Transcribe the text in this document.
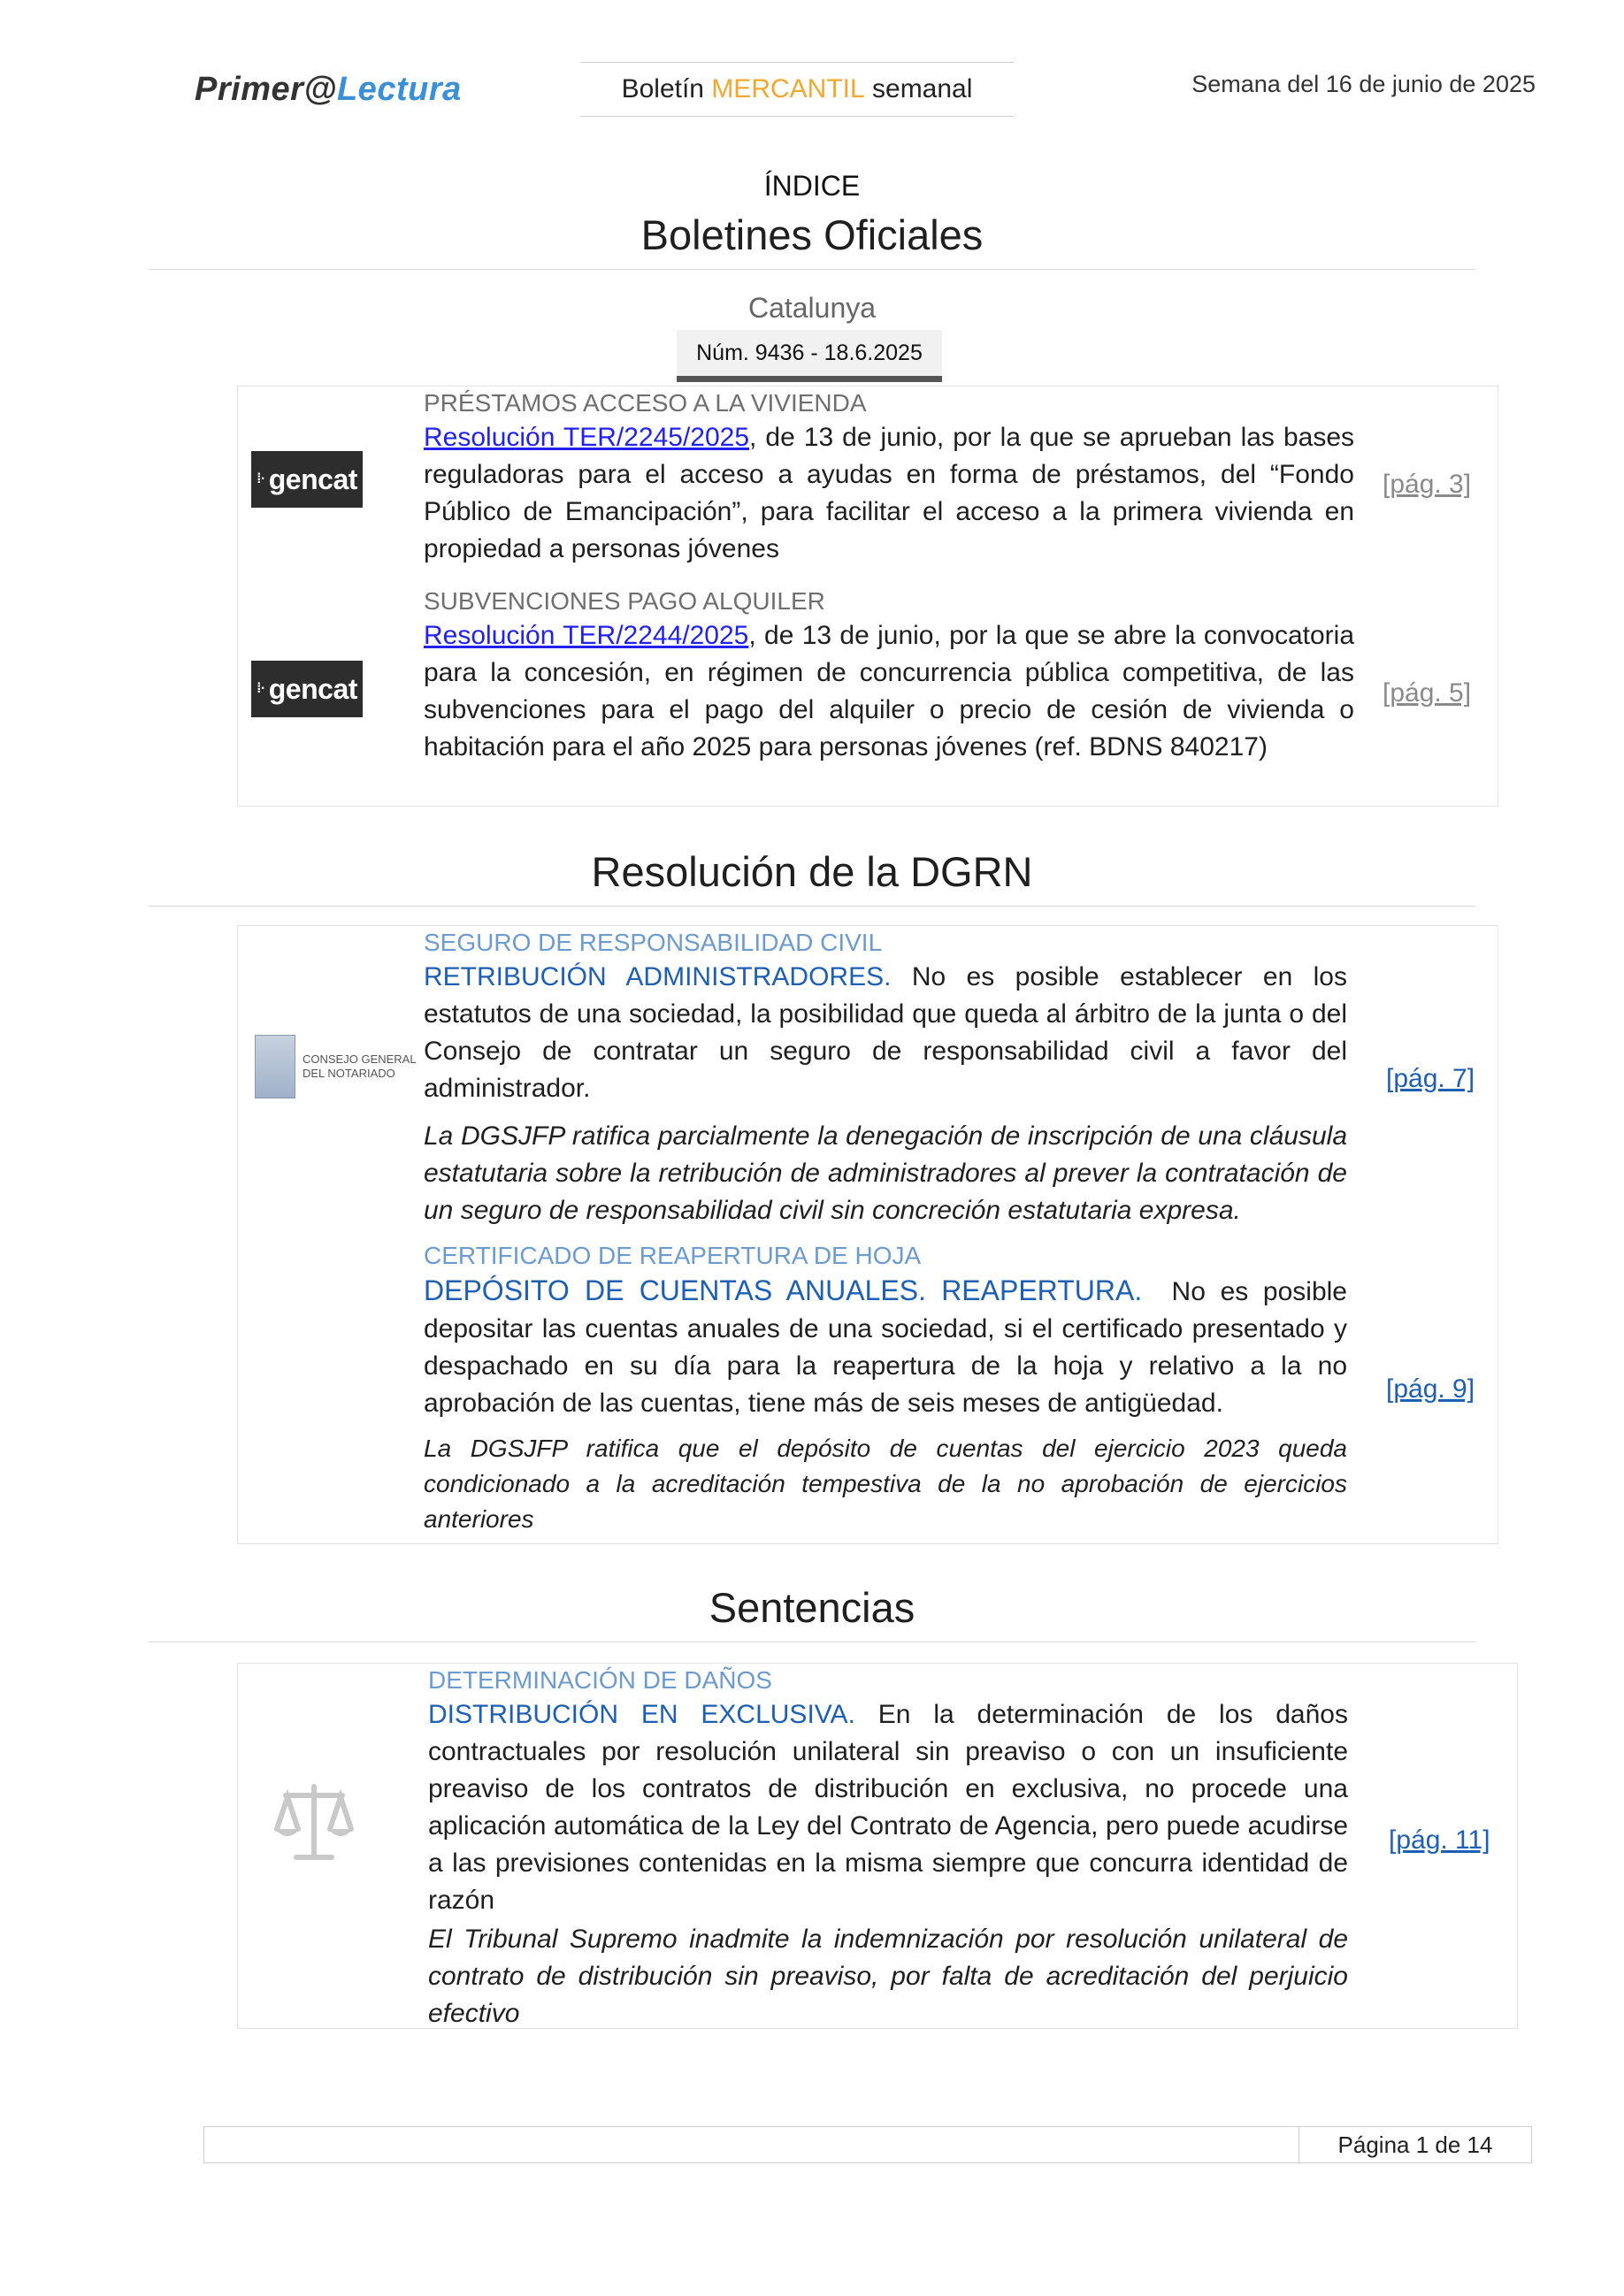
Primer@Lectura	Boletín MERCANTIL semanal	Semana del 16 de junio de 2025
ÍNDICE
Boletines Oficiales
Catalunya
Núm. 9436 - 18.6.2025
⁞· gencat
PRÉSTAMOS ACCESO A LA VIVIENDA
Resolución TER/2245/2025, de 13 de junio, por la que se aprueban las bases reguladoras para el acceso a ayudas en forma de préstamos, del “Fondo Público de Emancipación”, para facilitar el acceso a la primera vivienda en propiedad a personas jóvenes
[pág. 3]
⁞· gencat
SUBVENCIONES PAGO ALQUILER
Resolución TER/2244/2025, de 13 de junio, por la que se abre la convocatoria para la concesión, en régimen de concurrencia pública competitiva, de las subvenciones para el pago del alquiler o precio de cesión de vivienda o habitación para el año 2025 para personas jóvenes (ref. BDNS 840217)
[pág. 5]
Resolución de la DGRN
CONSEJO GENERAL
DEL NOTARIADO
SEGURO DE RESPONSABILIDAD CIVIL
RETRIBUCIÓN ADMINISTRADORES. No es posible establecer en los estatutos de una sociedad, la posibilidad que queda al árbitro de la junta o del Consejo de contratar un seguro de responsabilidad civil a favor del administrador.
La DGSJFP ratifica parcialmente la denegación de inscripción de una cláusula estatutaria sobre la retribución de administradores al prever la contratación de un seguro de responsabilidad civil sin concreción estatutaria expresa.
[pág. 7]
CERTIFICADO DE REAPERTURA DE HOJA
DEPÓSITO DE CUENTAS ANUALES. REAPERTURA.  No es posible depositar las cuentas anuales de una sociedad, si el certificado presentado y despachado en su día para la reapertura de la hoja y relativo a la no aprobación de las cuentas, tiene más de seis meses de antigüedad.
La DGSJFP ratifica que el depósito de cuentas del ejercicio 2023 queda condicionado a la acreditación tempestiva de la no aprobación de ejercicios anteriores
[pág. 9]
Sentencias
DETERMINACIÓN DE DAÑOS
DISTRIBUCIÓN EN EXCLUSIVA. En la determinación de los daños contractuales por resolución unilateral sin preaviso o con un insuficiente preaviso de los contratos de distribución en exclusiva, no procede una aplicación automática de la Ley del Contrato de Agencia, pero puede acudirse a las previsiones contenidas en la misma siempre que concurra identidad de razón
El Tribunal Supremo inadmite la indemnización por resolución unilateral de contrato de distribución sin preaviso, por falta de acreditación del perjuicio efectivo
[pág. 11]
Página 1 de 14
